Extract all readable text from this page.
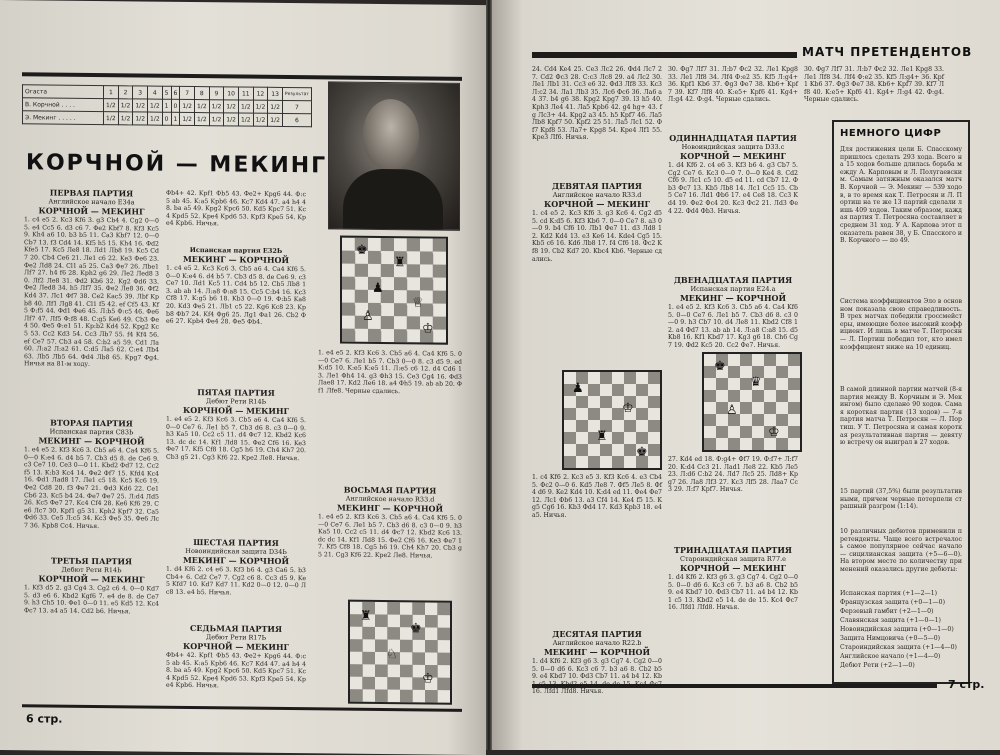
Огаста	1	2	3	4	5	6	7	8	9	10	11	12	13	Результат
В. Корчной . . . .	1/2	1/2	1/2	1/2	1	0	1/2	1/2	1/2	1/2	1/2	1/2	1/2	7
Э. Мекинг . . . . .	1/2	1/2	1/2	1/2	0	1	1/2	1/2	1/2	1/2	1/2	1/2	1/2	6
КОРЧНОЙ — МЕКИНГ
ПЕРВАЯ ПАРТИЯ
Английское начало Е34а
КОРЧНОЙ — МЕКИНГ
1. c4 e5 2. Kc3 Kf6 3. g3 Cb4 4. Cg2 0—0 5. e4 Cc5 6. d3 c6 7. Фe2 Kbf7 8. Kf3 Kc5 9. Kh4 a6 10. b3 b5 11. Ca3 Kbf7 12. 0—0 Cb7 13. f3 Cd4 14. Kf5 h5 15. Kh4 16. Фd2 Kfe5 17. Kc5 Лe8 18. Лd1 Лb8 19. Kc5 Cd7 20. Cb4 Ce6 21. Лe1 c6 22. Ke3 Фe6 23. Фe2 Лd8 24. Cl1 a5 25. Ca3 Фe7 26. Лbe1 Лf7 27. h4 f6 28. Kph2 g6 29. Лe2 Лed8 30. Лf2 Лe8 31. Фd2 Kb6 32. Kg2 Фd6 33. Фe2 Лed8 34. h5 Лf7 35. Фe2 Лe8 36. Фf2 Kd4 37. Лc1 Фf7 38. Ce2 Kac5 39. Лbf Kpb8 40. Лf1 Лg8 41. Cl1 f5 42. ef Cf5 43. Kf5 Ф:f5 44. Фd1 Фe6 45. Л:b5 Ф:c5 46. Фe6 Лf7 47. Лf5 Ф:f8 48. C:g5 Ke6 49. Cb3 Фe4 50. Фe5 Ф:e1 51. Kp:b2 Kd4 52. Kpg2 Kc5 53. Cc2 Kd3 54. Cc3 Лb7 55. f4 Kf4 56. ef Ce7 57. Cb3 a4 58. C:b2 a5 59. Cd1 Лa 60. Л:a2 Л:a2 61. C:d5 Лa5 62. C:e4 Лb4 63. Лb5 Лb5 64. Фd4 Лb8 65. Kpg7 Фg4. Ничья на 81-м ходу.
ВТОРАЯ ПАРТИЯ
Испанская партия С83Ь
МЕКИНГ — КОРЧНОЙ
1. e4 e5 2. Kf3 Kc6 3. Cb5 a6 4. Ca4 Kf6 5. 0—0 K:e4 6. d4 b5 7. Cb3 d5 8. de Ce6 9. c3 Ce7 10. Ce3 0—0 11. Kbd2 Фd7 12. Cc2 f5 13. K:b3 Kc4 14. Фe2 Фf7 15. Kfd4 Kc4 16. Фd1 Лad8 17. Лe1 c5 18. Kc5 Kc6 19. Фe2 Cd8 20. f3 Фe7 21. Фd3 Kd6 22. Ce1 Cb6 23. Kc5 b4 24. Фe7 Фe7 25. Л:d4 Лd5 26. Kc5 Фe7 27. Kc4 Cf4 28. Ke6 Kf6 29. Ce6 Лc7 30. Kpf1 g5 31. Kph2 Kpf7 32. Ca5 Фd6 33. Ce5 Л:c5 34. Kc3 Фe5 35. Фe6 Лc7 36. Kpb8 Cc4. Ничья.
ТРЕТЬЯ ПАРТИЯ
Дебют Рети R14Ь
КОРЧНОЙ — МЕКИНГ
1. Kf3 d5 2. g3 Cg4 3. Cg2 c6 4. 0—0 Kd7 5. d3 e6 6. Kbd2 Kgf6 7. e4 de 8. de Ce7 9. h3 Ch5 10. Фe1 0—0 11. e5 Kd5 12. Kc4 Фc7 13. a4 a5 14. Cd2 b6. Ничья.
Фb4+ 42. Kpf1 Фb5 43. Фe2+ Kpg6 44. Ф:c5 ab 45. K:a5 Kpb6 46. Kc7 Kd4 47. a4 h4 48. ba a5 49. Kpg2 Kpc6 50. Kd5 Kpc7 51. Kc4 Kpd5 52. Kpe4 Kpd6 53. Kpf3 Kpe5 54. Kpe4 Kpb6. Ничья.
Испанская партия Е32Ь
МЕКИНГ — КОРЧНОЙ
1. c4 e5 2. Kc3 Kc6 3. Cb5 a6 4. Ca4 Kf6 5. 0—0 K:e4 6. d4 b5 7. Cb3 d5 8. de Ce6 9. c3 Ce7 10. Лd1 Kc5 11. Cd4 b5 12. Cb5 Лb8 13. ab ab 14. Л:a8 Ф:a8 15. Cc5 C:b4 16. Kc3 Cf8 17. K:g5 b6 18. Kb3 0—0 19. Ф:b5 Ka8 20. Kd3 Фe5 21. Лb1 c5 22. Kg6 Kc8 23. Kpb8 Фb7 24. Kf4 Фg6 25. Лg1 Фa1 26. Cb2 Фe6 27. Kpb4 Фe4 28. Фe5 Фb4.
ПЯТАЯ ПАРТИЯ
Дебют Рети R14Ь
КОРЧНОЙ — МЕКИНГ
1. e4 e5 2. Kf3 Kc6 3. Cb5 a6 4. Ca4 Kf6 5. 0—0 Ce7 6. Лe1 b5 7. Cb3 d6 8. c3 0—0 9. h3 Ka5 10. Cc2 c5 11. d4 Фc7 12. Kbd2 Kc6 13. dc dc 14. Kf1 Лd8 15. Фe2 Cf6 16. Ke3 Фe7 17. Kf5 Cf8 18. Cg5 h6 19. Ch4 Kh7 20. Cb3 g5 21. Cg3 Kf6 22. Kpe2 Лe8. Ничья.
ШЕСТАЯ ПАРТИЯ
Новоиндийская защита D34Ь
МЕКИНГ — КОРЧНОЙ
1. d4 Kf6 2. c4 e6 3. Kf3 b6 4. g3 Ca6 5. b3 Cb4+ 6. Cd2 Ce7 7. Cg2 c6 8. Cc3 d5 9. Ke5 Kfd7 10. Kd7 Kd7 11. Kd2 0—0 12. 0—0 Лc8 13. e4 b5. Ничья.
СЕДЬМАЯ ПАРТИЯ
Дебют Рети R17Ь
КОРЧНОЙ — МЕКИНГ
Фb4+ 42. Kpf1 Фb5 43. Фe2+ Kpg6 44. Ф:c5 ab 45. K:a5 Kpb6 46. Kc7 Kd4 47. a4 h4 48. ba a5 49. Kpg2 Kpc6 50. Kd5 Kpc7 51. Kc4 Kpd5 52. Kpe4 Kpd6 53. Kpf3 Kpe5 54. Kpe4 Kpb6. Ничья.
♚
♜
♟
♕
♙
♔
1. e4 e5 2. Kf3 Kc6 3. Cb5 a6 4. Ca4 Kf6 5. 0—0 Ce7 6. Лe1 b5 7. Cb3 0—0 8. c3 d5 9. ed K:d5 10. K:e5 K:e5 11. Л:e5 c6 12. d4 Cd6 13. Лe1 Фh4 14. g3 Фh3 15. Ce3 Cg4 16. Фd3 Лae8 17. Kd2 Лe6 18. a4 Фh5 19. ab ab 20. Фf1 Лfe8. Черные сдались.
ВОСЬМАЯ ПАРТИЯ
Английское начало R33.d
МЕКИНГ — КОРЧНОЙ
1. e4 e5 2. Kf3 Kc6 3. Cb5 a6 4. Ca4 Kf6 5. 0—0 Ce7 6. Лe1 b5 7. Cb3 d6 8. c3 0—0 9. h3 Ka5 10. Cc2 c5 11. d4 Фc7 12. Kbd2 Kc6 13. dc dc 14. Kf1 Лd8 15. Фe2 Cf6 16. Ke3 Фe7 17. Kf5 Cf8 18. Cg5 h6 19. Ch4 Kh7 20. Cb3 g5 21. Cg3 Kf6 22. Kpe2 Лe8. Ничья.
♜
♚
♘
♔
6 стр.
МАТЧ ПРЕТЕНДЕНТОВ
24. Cd4 Ke4 25. Ce3 Лc2 26. Фd4 Лc7 27. Cd2 Фc3 28. C:c3 Лc8 29. a4 Лc2 30. Лe1 Лb1 31. Cc3 e6 32. Фd3 Лf8 33. Kc3 Л:c2 34. Лa1 Лb3 35. Лc6 Фc6 36. Лa6 a4 37. b4 g6 38. Kpg2 Kpg7 39. l3 h5 40. Kph3 Лe4 41. Лa5 Kpb6 42. g4 hg+ 43. fg Лc3+ 44. Kpg2 a3 45. h5 Kpf7 46. Лa5 Лb8 Kpf7 50. Kpf2 25 51. Лa5 Лc1 52. Фf7 Kpf8 53. Лa7+ Kpg8 54. Kpe4 Лf1 55. Kpe3 Лf6. Ничья.
ДЕВЯТАЯ ПАРТИЯ
Английское начало R33.d
КОРЧНОЙ — МЕКИНГ
1. c4 e5 2. Kc3 Kf6 3. g3 Kc6 4. Cg2 d5 5. cd K:d5 6. Kf3 Kb6 7. 0—0 Ce7 8. a3 0—0 9. b4 Cf6 10. Лb1 Фe7 11. d3 Лd8 12. Kd2 Kd4 13. e3 Ke6 14. Kde4 Cg5 15. Kb5 c6 16. Kd6 Лb8 17. f4 Cf6 18. Фc2 Kf8 19. Cb2 Kd7 20. Kbc4 Kb6. Черные сдались.
♟
♔
♜
♚
1. c4 Kf6 2. Kc3 e5 3. Kf3 Kc6 4. e3 Cb4 5. Фc2 0—0 6. Kd5 Ле8 7. Фf5 Лe5 8. Фf4 d6 9. Ke2 Kd4 10. K:d4 ed 11. Фe4 Фe7 12. Лc1 Фb6 13. a3 Cf4 14. Ke4 f5 15. Kg5 Cg6 16. Kb3 Фd4 17. Kd3 Kpb3 18. e4 a5. Ничья.
ДЕСЯТАЯ ПАРТИЯ
Английское начало R22.b
МЕКИНГ — КОРЧНОЙ
1. d4 Kf6 2. Kf3 g6 3. g3 Cg7 4. Cg2 0—0 5. 0—0 d6 6. Kc3 c6 7. b3 a6 8. Cb2 b5 9. e4 Kbd7 10. Фd3 Cb7 11. a4 b4 12. Kb 16. Лfd1 Лfd8. Ничья.
30. Фg7 Лf7 31. Л:b7 Фc2 32. Лe1 Kpg8 33. Лe1 Лf8 34. Лf4 Ф:e2 35. Kf5 Л:g4+ 36. Kpf1 Kb6 37. Фg3 Фe7 38. Kb6+ Kpf7 39. Kf7 Лf8 40. K:e5+ Kpf6 41. Kg4+ Л:g4 42. Ф:g4. Черные сдались.
ОДИННАДЦАТАЯ ПАРТИЯ
Новоиндийская защита D33.c
КОРЧНОЙ — МЕКИНГ
1. d4 Kf6 2. c4 e6 3. Kf3 b6 4. g3 Cb7 5. Cg2 Ce7 6. Kc3 0—0 7. 0—0 Ke4 8. Cd2 Cf6 9. Лc1 c5 10. d5 ed 11. cd Cb7 12. Фb3 Фc7 13. Kb5 Лb8 14. Лc1 Cc5 15. Cb5 Ce7 16. Лd1 Фb6 17. e4 Ce8 18. Cc3 Kd4 19. Фe2 Фc4 20. Kc3 Фc2 21. Лd3 Фe4 22. Фd4 Фb3. Ничья.
ДВЕНАДЦАТАЯ ПАРТИЯ
Испанская партия Е24.a
МЕКИНГ — КОРЧНОЙ
1. e4 e5 2. Kf3 Kc6 3. Cb5 a6 4. Ca4 Kf6 5. 0—0 Ce7 6. Лe1 b5 7. Cb3 d6 8. c3 0—0 9. h3 Cb7 10. d4 Лe8 11. Kbd2 Cf8 12. a4 Фd7 13. ab ab 14. Л:a8 C:a8 15. d5 Kb8 16. Kf1 Kbd7 17. Kg3 g6 18. Ch6 Cg7 19. Фd2 Kc5 20. Cc2 Фe7. Ничья.
♚
♛
♙
♔
27. Kd4 ed 18. Ф:g4+ Фf7 19. Ф:f7+ Л:f7 20. K:d4 Cc3 21. Лad1 Лe8 22. Kb5 Лe5 23. Л:d6 C:b2 24. Лd7 Лc5 25. Лd8+ Kpg7 26. Лa8 Лf3 27. Kc3 Лf5 28. Лaa7 Cc3 29. Л:f7 Kpf7. Ничья.
ТРИНАДЦАТАЯ ПАРТИЯ
Староиндийская защита R77.e
КОРЧНОЙ — МЕКИНГ
1. d4 Kf6 2. Kf3 g6 3. g3 Cg7 4. Cg2 0—0 5. 0—0 d6 6. Kc3 c6 7. b3 a6 8. Cb2 b5 9. e4 Kbd7 10. Фd3 Cb7 11. a4 b4 12. Kb1 c5 13. Kbd2 e5 14. de de 15. Kc4 Фc7 16. Лfd1 Лfd8. Ничья.
30. Фg7 Лf7 31. Л:b7 Фc2 32. Лe1 Kpg8 33. Лe1 Лf8 34. Лf4 Ф:e2 35. Kf5 Л:g4+ 36. Kpf1 Kb6 37. Фg3 Фe7 38. Kb6+ Kpf7 39. Kf7 Лf8 40. K:e5+ Kpf6 41. Kg4+ Л:g4 42. Ф:g4. Черные сдались.
НЕМНОГО ЦИФР
Для достижения цели Б. Спасскому пришлось сделать 293 хода. Всего на 15 ходов больше длилась борьба между А. Карповым и Л. Полугаевским. Самым затяжным оказался матч В. Корчной — Э. Мекинг — 539 ходов, в то время как Т. Петросян и Л. Портиш на те же 13 партий сделали лишь 409 ходов. Таким образом, каждая партия Т. Петросяна составляет в среднем 31 ход. У А. Карпова этот показатель равен 38, у Б. Спасского и В. Корчного — по 49.
Система коэффициентов Эло в основном показала свою справедливость. В трех матчах победили гроссмейстеры, имеющие более высокий коэффициент. И лишь в матче Т. Петросян — Л. Портиш победил тот, кто имел коэффициент ниже на 10 единиц.
В самой длинной партии матчей (8-я партия между В. Корчным и Э. Мекингом) было сделано 90 ходов. Самая короткая партия (13 ходов) — 7-я партия матча Т. Петросян — Л. Портиш. У Т. Петросяна и самая короткая результативная партия — девятую встречу он выиграл в 27 ходов.
15 партий (37,5%) были результативными, причем черные потерпели страшный разгром (1:14).
10 различных дебютов применили претенденты. Чаще всего встречалось самое популярное сейчас начало — сицилианская защита (+5—6—0). На втором месте по количеству применений оказались другие дебюты:
Испанская партия (+1—2—1)
Французская защита (+0—1—0)
Ферзевый гамбит (+2—1—0)
Славянская защита (+1—0—1)
Новоиндийская защита (+0—1—0)
Защита Нимцовича (+0—5—0)
Староиндийская защита (+1—4—0)
Английское начало (+1—4—0)
Дебют Рети (+2—1—0)
7 стр.
